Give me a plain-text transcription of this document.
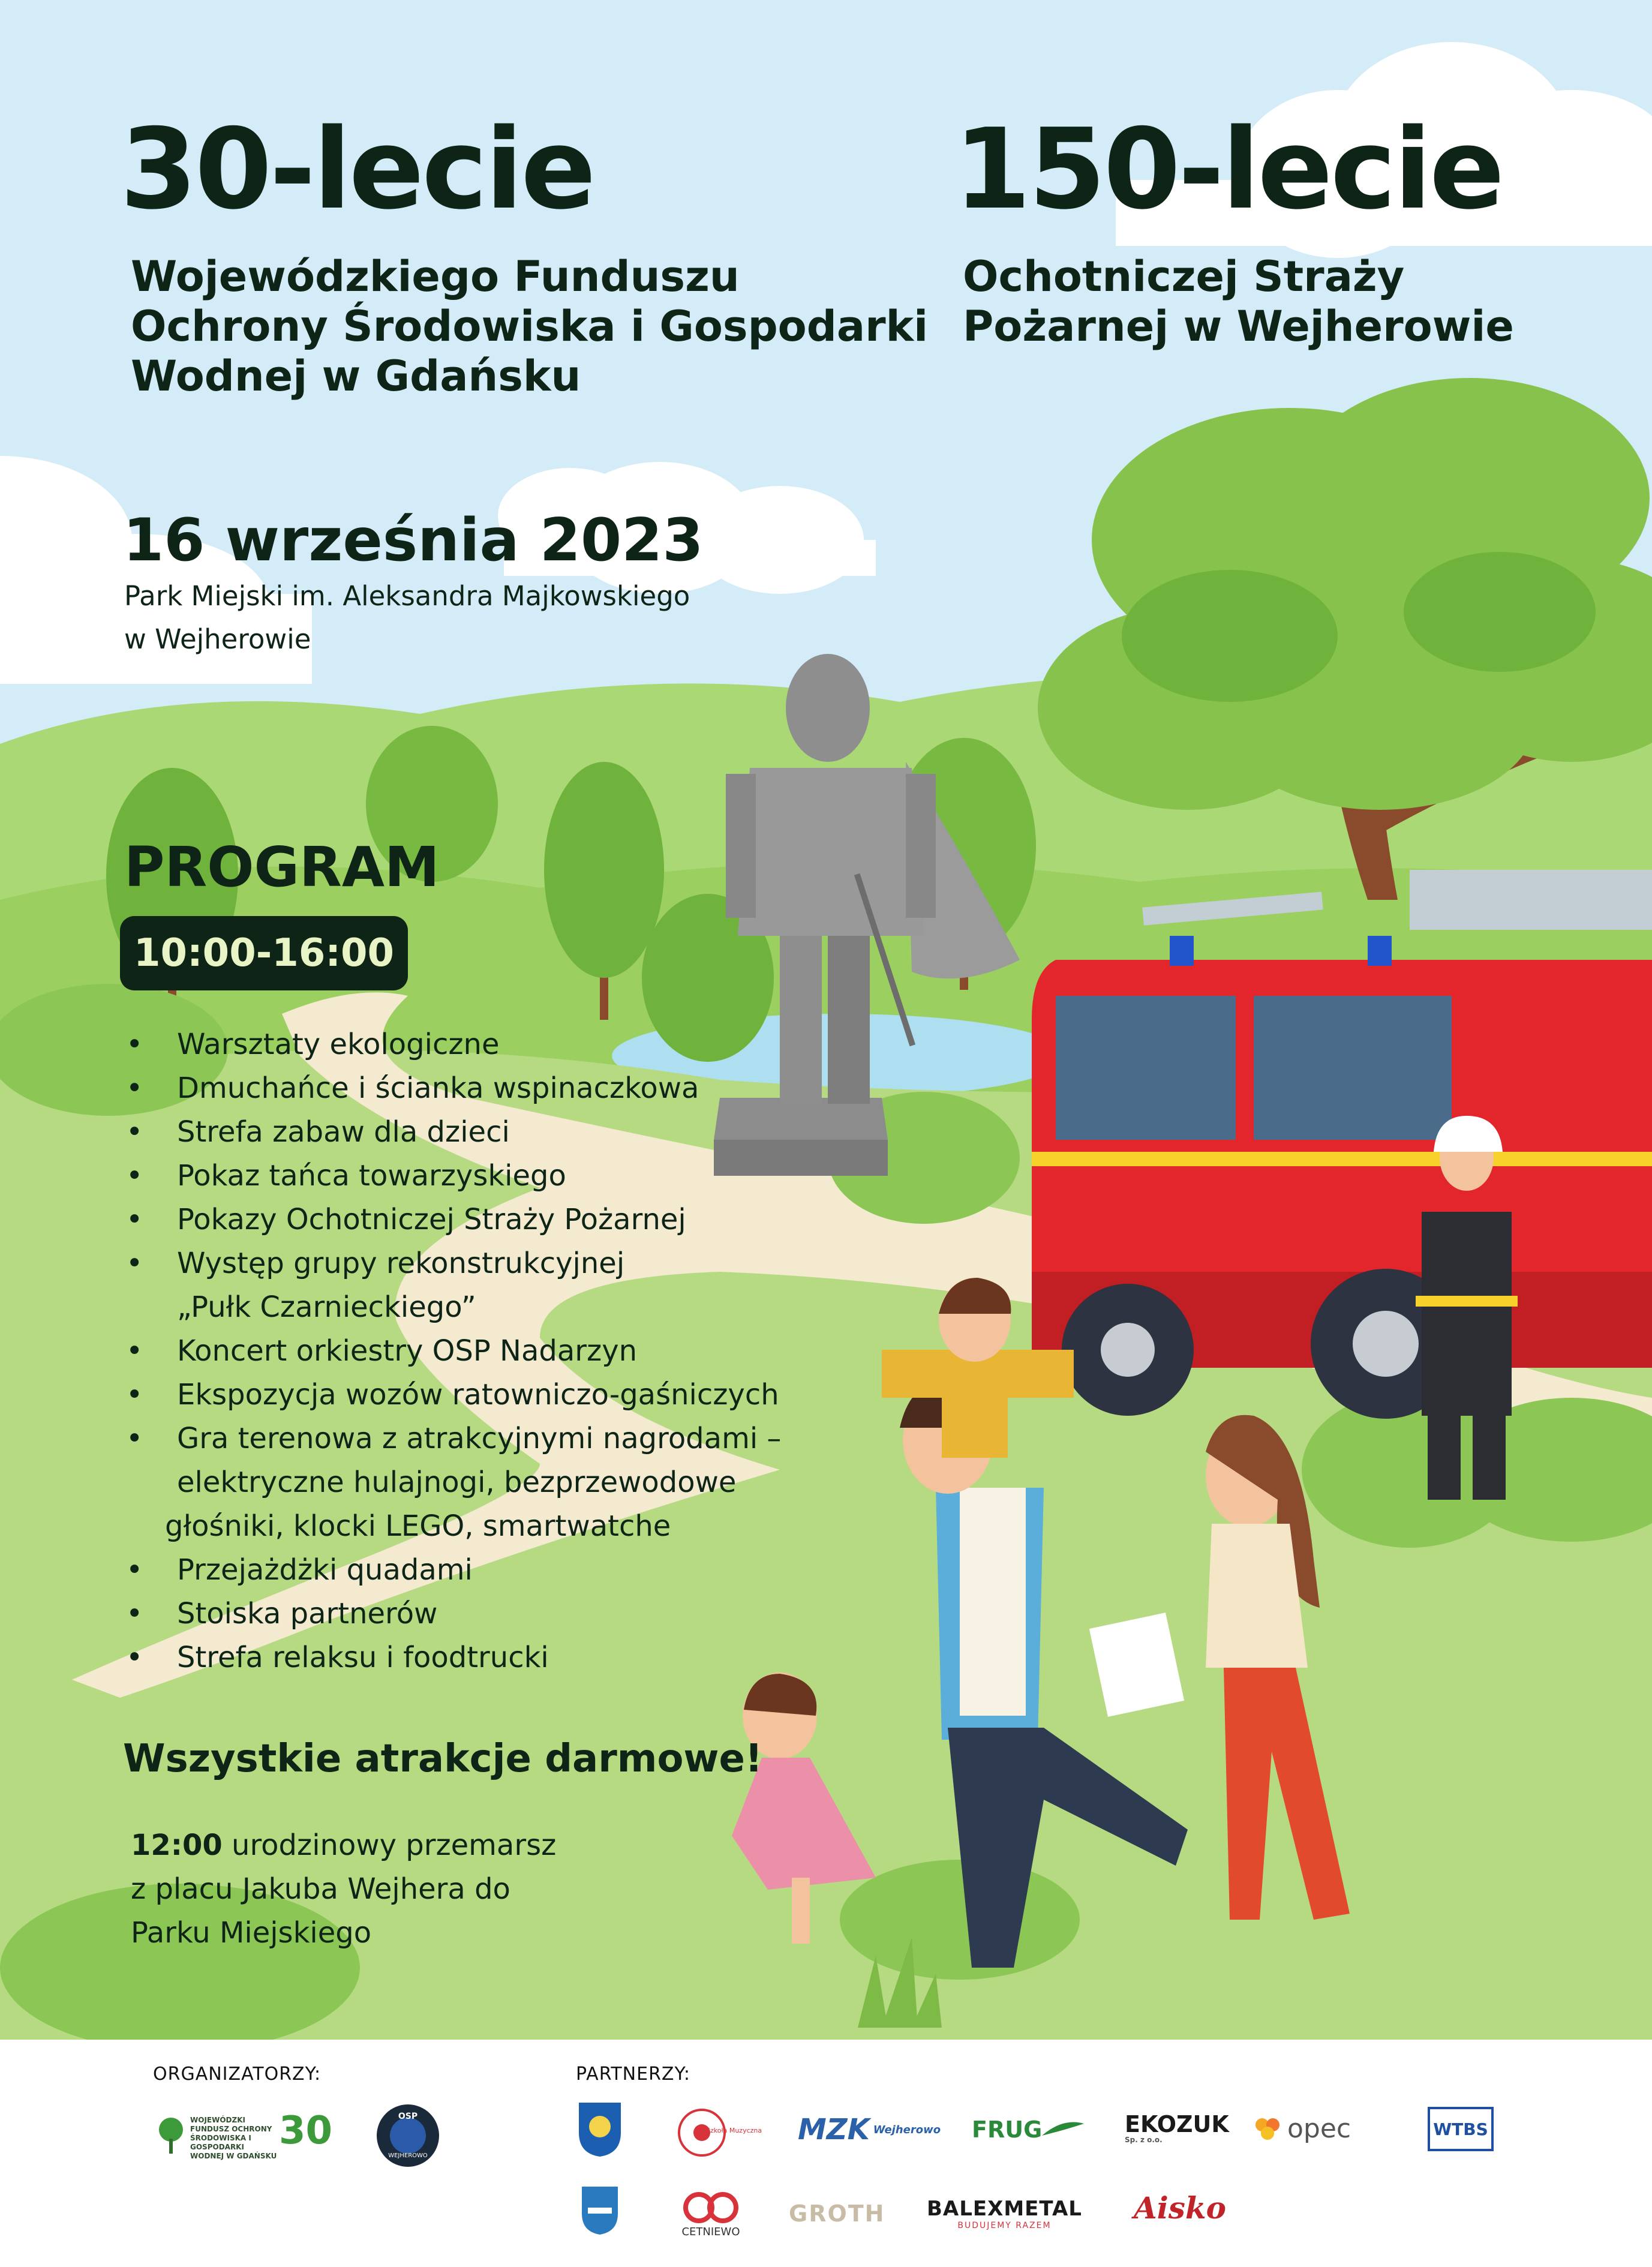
30-lecie
Wojewódzkiego Funduszu
Ochrony Środowiska i Gospodarki
Wodnej w Gdańsku
150-lecie
Ochotniczej Straży
Pożarnej w Wejherowie
16 września 2023
Park Miejski im. Aleksandra Majkowskiego
w Wejherowie
PROGRAM
10:00-16:00
• Warsztaty ekologiczne
• Dmuchańce i ścianka wspinaczkowa
• Strefa zabaw dla dzieci
• Pokaz tańca towarzyskiego
• Pokazy Ochotniczej Straży Pożarnej
• Występ grupy rekonstrukcyjnej
„Pułk Czarnieckiego”
• Koncert orkiestry OSP Nadarzyn
• Ekspozycja wozów ratowniczo-gaśniczych
• Gra terenowa z atrakcyjnymi nagrodami –
elektryczne hulajnogi, bezprzewodowe
głośniki, klocki LEGO, smartwatche
• Przejażdżki quadami
• Stoiska partnerów
• Strefa relaksu i foodtrucki
Wszystkie atrakcje darmowe!
12:00 urodzinowy przemarsz
z placu Jakuba Wejhera do
Parku Miejskiego
ORGANIZATORZY:	PARTNERZY:
WOJEWÓDZKI FUNDUSZ OCHRONY ŚRODOWISKA I GOSPODARKI WODNEJ W GDAŃSKU
30	OSP
WEJHEROWO
Szkoła Muzyczna MZK Wejherowo FRUG	EKOZUK
Sp. z o.o.	opec	WTBS
CETNIEWO
GROTH BALEXMETAL
BUDUJEMY RAZEM
Aisko
